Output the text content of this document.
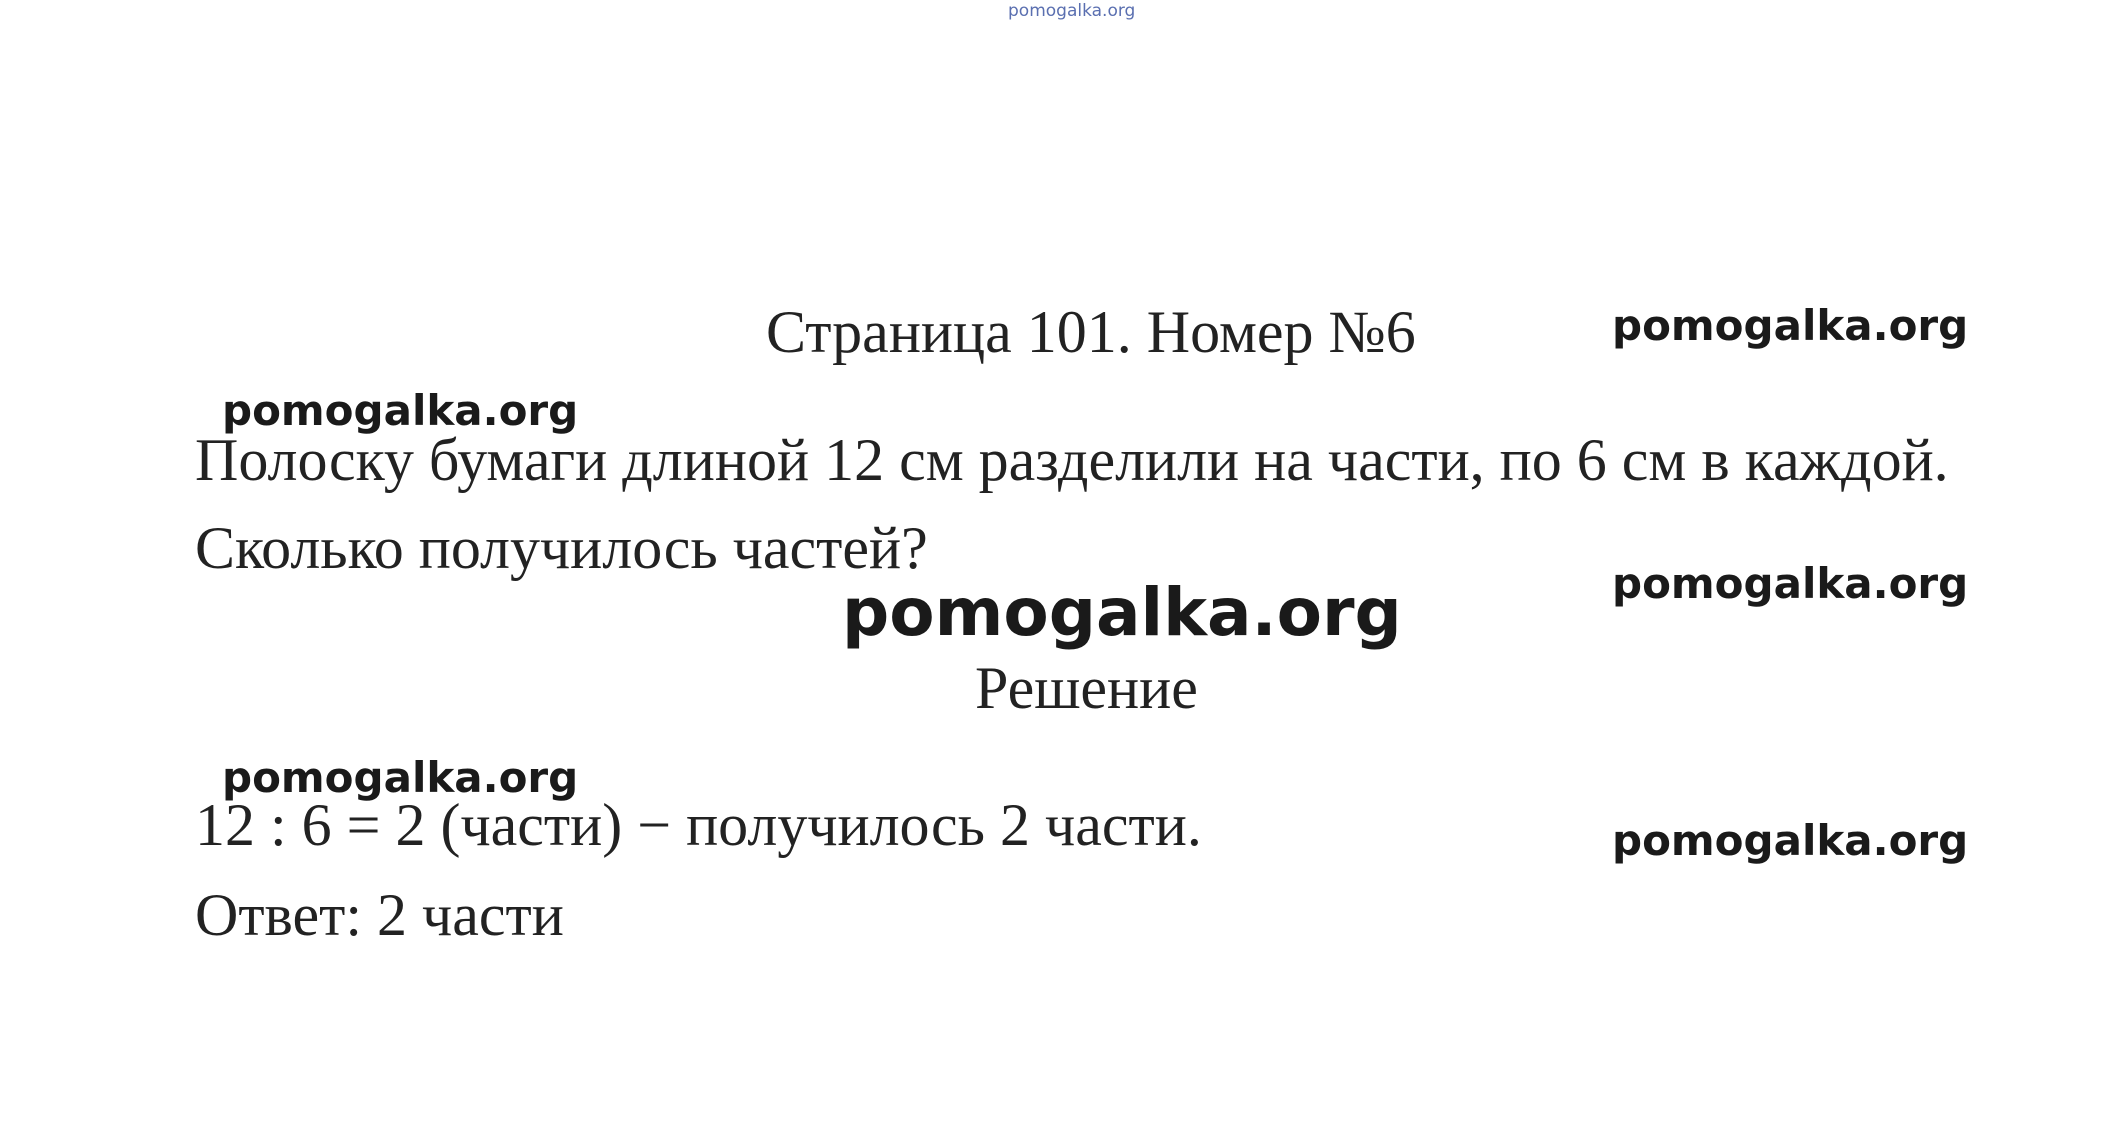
pomogalka.org
Страница 101. Номер №6	pomogalka.org
pomogalka.org
Полоску бумаги длиной 12 см разделили на части, по 6 см в каждой.
Сколько получилось частей?
pomogalka.org
pomogalka.org
Решение
pomogalka.org
12 : 6 = 2 (части) − получилось 2 части.	pomogalka.org
Ответ: 2 части
